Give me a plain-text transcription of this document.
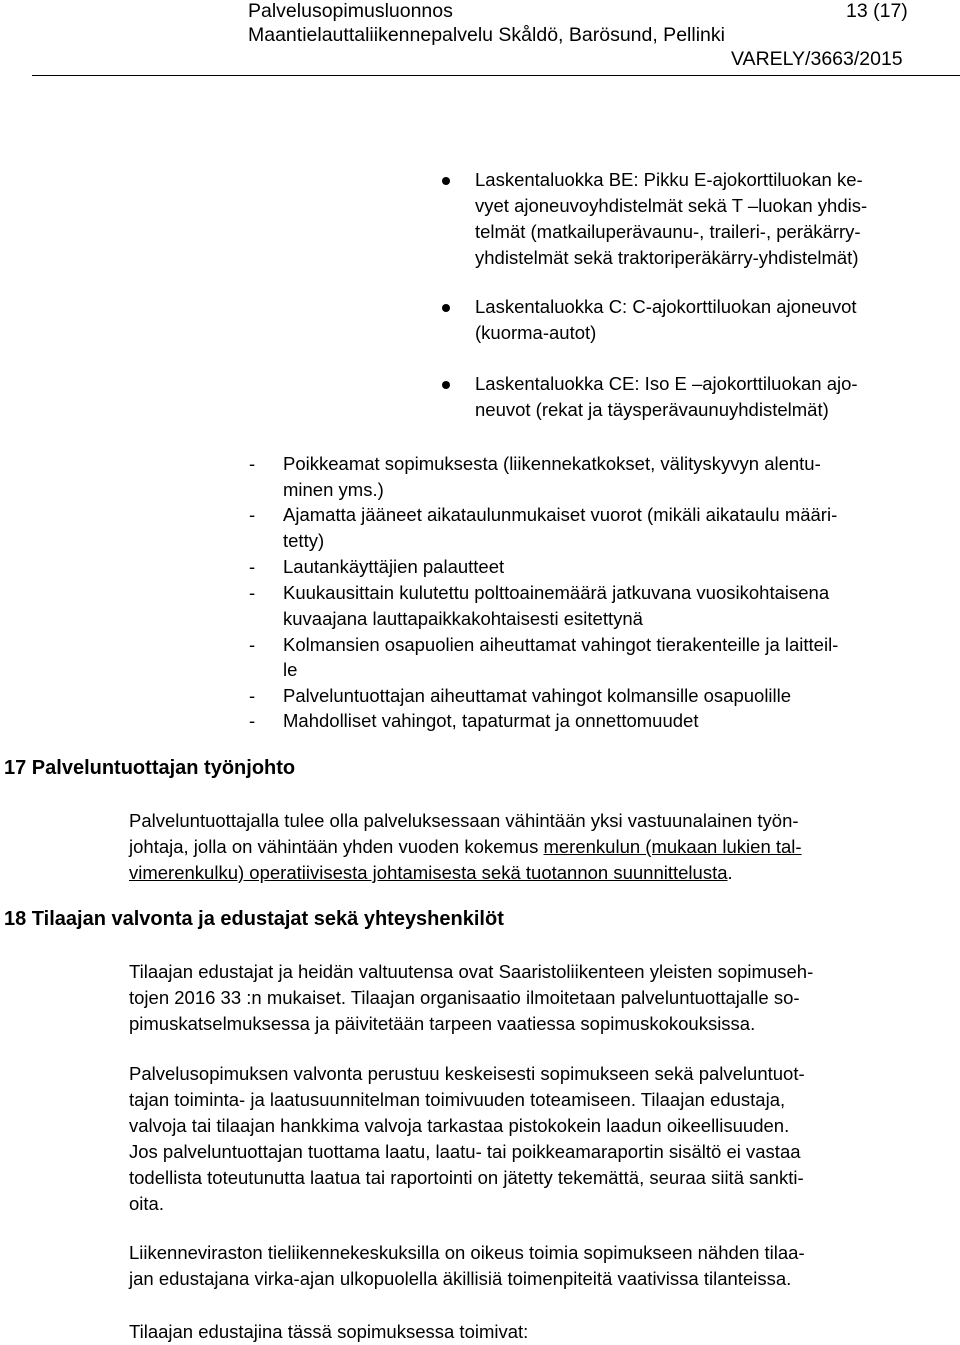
Palvelusopimusluonnos	13 (17)
Maantielauttaliikennepalvelu Skåldö, Barösund, Pellinki
VARELY/3663/2015
Laskentaluokka BE: Pikku E-ajokorttiluokan ke-
vyet ajoneuvoyhdistelmät sekä T –luokan yhdis-
telmät (matkailuperävaunu-, traileri-, peräkärry-
yhdistelmät sekä traktoriperäkärry-yhdistelmät)
Laskentaluokka C: C-ajokorttiluokan ajoneuvot
(kuorma-autot)
Laskentaluokka CE: Iso E –ajokorttiluokan ajo-
neuvot (rekat ja täysperävaunuyhdistelmät)
- Poikkeamat sopimuksesta (liikennekatkokset, välityskyvyn alentu-
minen yms.)
- Ajamatta jääneet aikataulunmukaiset vuorot (mikäli aikataulu määri-
tetty)
- Lautankäyttäjien palautteet
- Kuukausittain kulutettu polttoainemäärä jatkuvana vuosikohtaisena
kuvaajana lauttapaikkakohtaisesti esitettynä
- Kolmansien osapuolien aiheuttamat vahingot tierakenteille ja laitteil-
le
- Palveluntuottajan aiheuttamat vahingot kolmansille osapuolille
- Mahdolliset vahingot, tapaturmat ja onnettomuudet
17 Palveluntuottajan työnjohto
Palveluntuottajalla tulee olla palveluksessaan vähintään yksi vastuunalainen työn-
johtaja, jolla on vähintään yhden vuoden kokemus merenkulun (mukaan lukien tal-
vimerenkulku) operatiivisesta johtamisesta sekä tuotannon suunnittelusta.
18 Tilaajan valvonta ja edustajat sekä yhteyshenkilöt
Tilaajan edustajat ja heidän valtuutensa ovat Saaristoliikenteen yleisten sopimuseh-
tojen 2016 33 :n mukaiset. Tilaajan organisaatio ilmoitetaan palveluntuottajalle so-
pimuskatselmuksessa ja päivitetään tarpeen vaatiessa sopimuskokouksissa.
Palvelusopimuksen valvonta perustuu keskeisesti sopimukseen sekä palveluntuot-
tajan toiminta- ja laatusuunnitelman toimivuuden toteamiseen. Tilaajan edustaja,
valvoja tai tilaajan hankkima valvoja tarkastaa pistokokein laadun oikeellisuuden.
Jos palveluntuottajan tuottama laatu, laatu- tai poikkeamaraportin sisältö ei vastaa
todellista toteutunutta laatua tai raportointi on jätetty tekemättä, seuraa siitä sankti-
oita.
Liikenneviraston tieliikennekeskuksilla on oikeus toimia sopimukseen nähden tilaa-
jan edustajana virka-ajan ulkopuolella äkillisiä toimenpiteitä vaativissa tilanteissa.
Tilaajan edustajina tässä sopimuksessa toimivat:
